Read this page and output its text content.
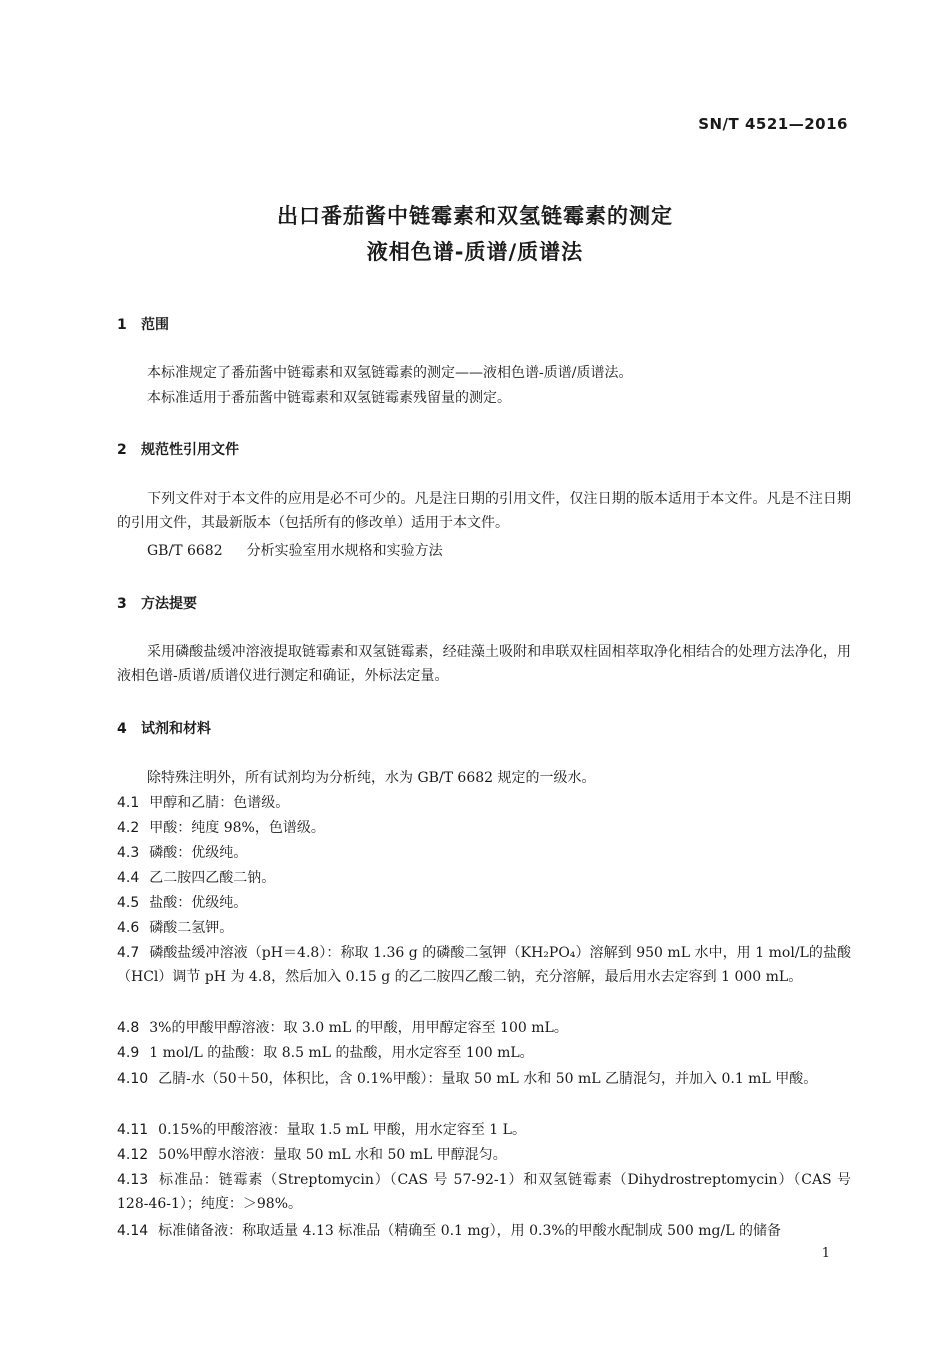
SN/T 4521—2016
出口番茄酱中链霉素和双氢链霉素的测定
液相色谱-质谱/质谱法
1 范围
本标准规定了番茄酱中链霉素和双氢链霉素的测定——液相色谱-质谱/质谱法。
本标准适用于番茄酱中链霉素和双氢链霉素残留量的测定。
2 规范性引用文件
下列文件对于本文件的应用是必不可少的。凡是注日期的引用文件，仅注日期的版本适用于本文件。凡是不注日期的引用文件，其最新版本（包括所有的修改单）适用于本文件。
GB/T 6682 分析实验室用水规格和实验方法
3 方法提要
采用磷酸盐缓冲溶液提取链霉素和双氢链霉素，经硅藻土吸附和串联双柱固相萃取净化相结合的处理方法净化，用液相色谱-质谱/质谱仪进行测定和确证，外标法定量。
4 试剂和材料
除特殊注明外，所有试剂均为分析纯，水为 GB/T 6682 规定的一级水。
4.1 甲醇和乙腈：色谱级。
4.2 甲酸：纯度 98%，色谱级。
4.3 磷酸：优级纯。
4.4 乙二胺四乙酸二钠。
4.5 盐酸：优级纯。
4.6 磷酸二氢钾。
4.7 磷酸盐缓冲溶液（pH＝4.8）：称取 1.36 g 的磷酸二氢钾（KH₂PO₄）溶解到 950 mL 水中，用 1 mol/L的盐酸（HCl）调节 pH 为 4.8，然后加入 0.15 g 的乙二胺四乙酸二钠，充分溶解，最后用水去定容到 1 000 mL。
4.8 3%的甲酸甲醇溶液：取 3.0 mL 的甲酸，用甲醇定容至 100 mL。
4.9 1 mol/L 的盐酸：取 8.5 mL 的盐酸，用水定容至 100 mL。
4.10 乙腈-水（50＋50，体积比，含 0.1%甲酸）：量取 50 mL 水和 50 mL 乙腈混匀，并加入 0.1 mL 甲酸。
4.11 0.15%的甲酸溶液：量取 1.5 mL 甲酸，用水定容至 1 L。
4.12 50%甲醇水溶液：量取 50 mL 水和 50 mL 甲醇混匀。
4.13 标准品：链霉素（Streptomycin）（CAS 号 57-92-1）和双氢链霉素（Dihydrostreptomycin）（CAS 号 128-46-1）；纯度：＞98%。
4.14 标准储备液：称取适量 4.13 标准品（精确至 0.1 mg），用 0.3%的甲酸水配制成 500 mg/L 的储备
1
